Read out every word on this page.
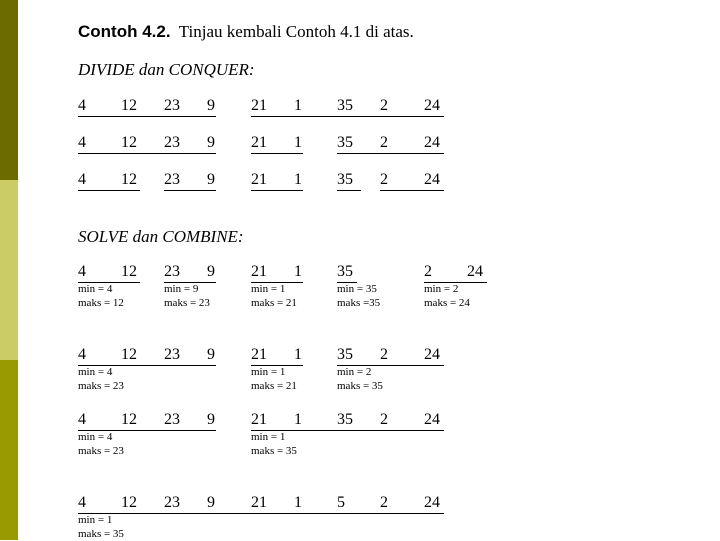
Contoh 4.2. Tinjau kembali Contoh 4.1 di atas.
DIVIDE dan CONQUER:
SOLVE dan COMBINE:
4 12 23 9 21 1 35 2 24
4 12 23 9 21 1 35 2 24
4 12 23 9 21 1 35 2 24
4 12 23 9 21 1 35	2 24
min = 4
maks = 12
min = 9
maks = 23
min = 1
maks = 21
min = 35
maks =35
min = 2
maks = 24
4 12 23 9 21 1 35 2 24
min = 4
maks = 23
min = 1
maks = 21
min = 2
maks = 35
4 12 23 9 21 1 35 2 24
min = 4
maks = 23
min = 1
maks = 35
4 12 23 9 21 1 5 2 24
min = 1
maks = 35
